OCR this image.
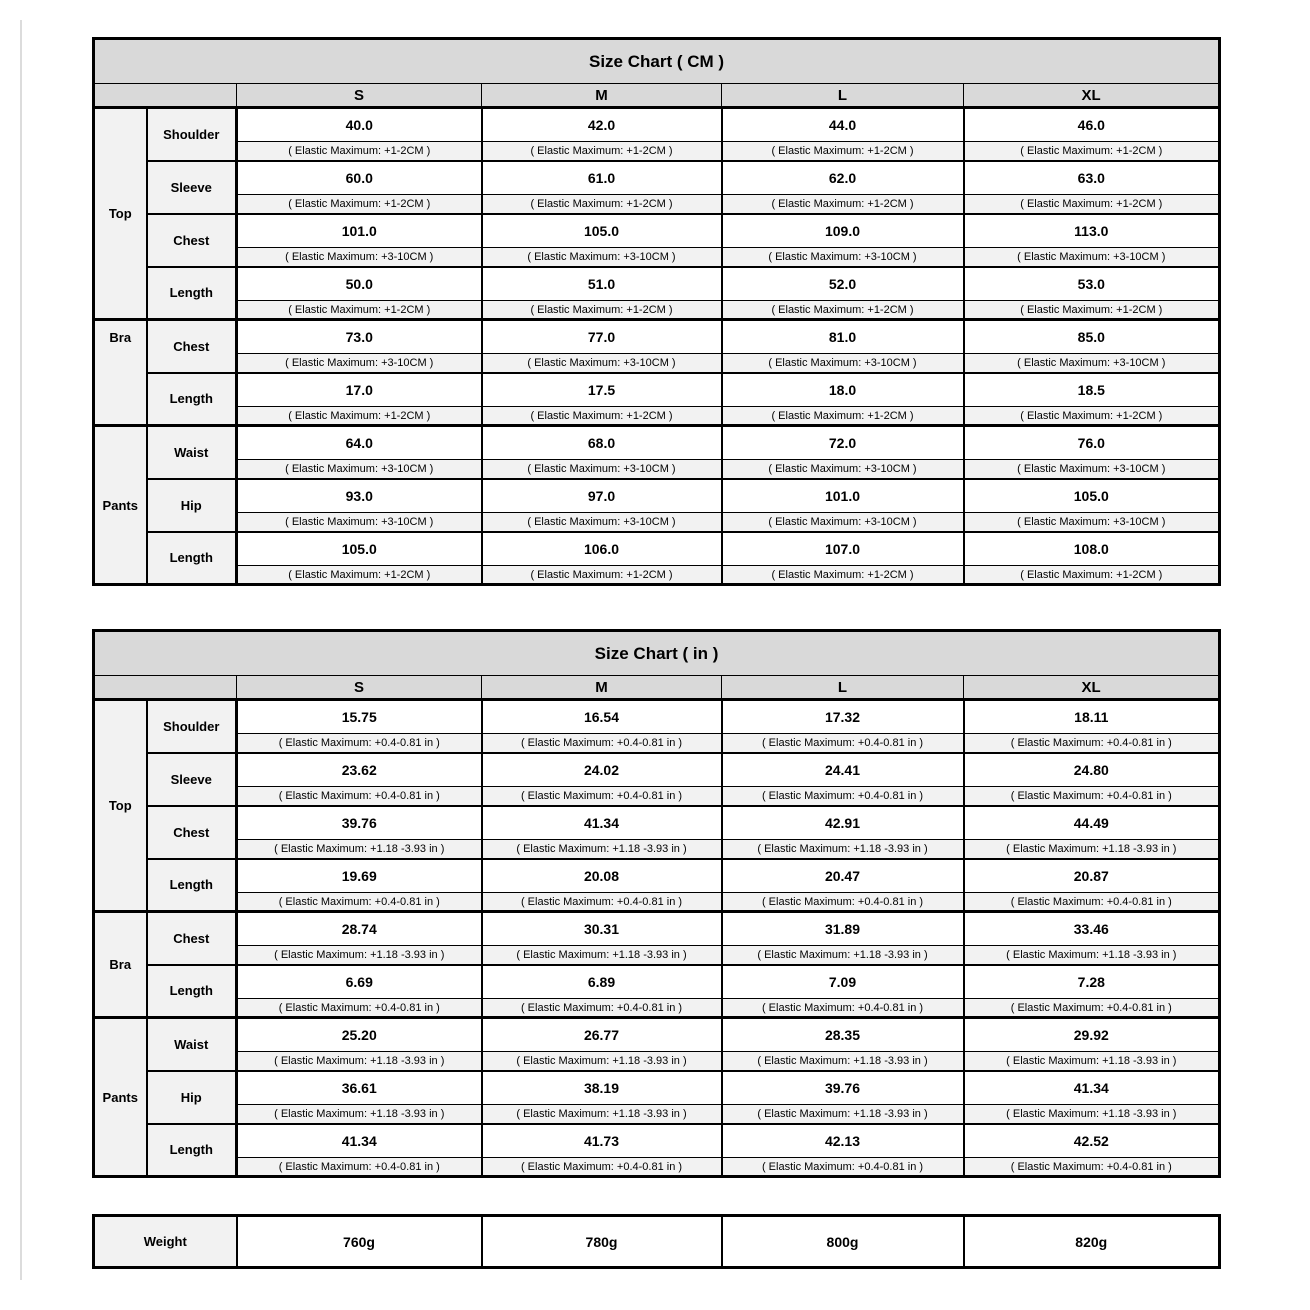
Size Chart ( CM )					
		S	M	L	XL
Top	Shoulder	40.0	42.0	44.0	46.0
		( Elastic Maximum: +1-2CM )	( Elastic Maximum: +1-2CM )	( Elastic Maximum: +1-2CM )	( Elastic Maximum: +1-2CM )
	Sleeve	60.0	61.0	62.0	63.0
		( Elastic Maximum: +1-2CM )	( Elastic Maximum: +1-2CM )	( Elastic Maximum: +1-2CM )	( Elastic Maximum: +1-2CM )
	Chest	101.0	105.0	109.0	113.0
		( Elastic Maximum: +3-10CM )	( Elastic Maximum: +3-10CM )	( Elastic Maximum: +3-10CM )	( Elastic Maximum: +3-10CM )
	Length	50.0	51.0	52.0	53.0
		( Elastic Maximum: +1-2CM )	( Elastic Maximum: +1-2CM )	( Elastic Maximum: +1-2CM )	( Elastic Maximum: +1-2CM )
Bra	Chest	73.0	77.0	81.0	85.0
		( Elastic Maximum: +3-10CM )	( Elastic Maximum: +3-10CM )	( Elastic Maximum: +3-10CM )	( Elastic Maximum: +3-10CM )
	Length	17.0	17.5	18.0	18.5
		( Elastic Maximum: +1-2CM )	( Elastic Maximum: +1-2CM )	( Elastic Maximum: +1-2CM )	( Elastic Maximum: +1-2CM )
Pants	Waist	64.0	68.0	72.0	76.0
		( Elastic Maximum: +3-10CM )	( Elastic Maximum: +3-10CM )	( Elastic Maximum: +3-10CM )	( Elastic Maximum: +3-10CM )
	Hip	93.0	97.0	101.0	105.0
		( Elastic Maximum: +3-10CM )	( Elastic Maximum: +3-10CM )	( Elastic Maximum: +3-10CM )	( Elastic Maximum: +3-10CM )
	Length	105.0	106.0	107.0	108.0
		( Elastic Maximum: +1-2CM )	( Elastic Maximum: +1-2CM )	( Elastic Maximum: +1-2CM )	( Elastic Maximum: +1-2CM )
Size Chart ( in )					
		S	M	L	XL
Top	Shoulder	15.75	16.54	17.32	18.11
		( Elastic Maximum: +0.4-0.81 in )	( Elastic Maximum: +0.4-0.81 in )	( Elastic Maximum: +0.4-0.81 in )	( Elastic Maximum: +0.4-0.81 in )
	Sleeve	23.62	24.02	24.41	24.80
		( Elastic Maximum: +0.4-0.81 in )	( Elastic Maximum: +0.4-0.81 in )	( Elastic Maximum: +0.4-0.81 in )	( Elastic Maximum: +0.4-0.81 in )
	Chest	39.76	41.34	42.91	44.49
		( Elastic Maximum: +1.18 -3.93 in )	( Elastic Maximum: +1.18 -3.93 in )	( Elastic Maximum: +1.18 -3.93 in )	( Elastic Maximum: +1.18 -3.93 in )
	Length	19.69	20.08	20.47	20.87
		( Elastic Maximum: +0.4-0.81 in )	( Elastic Maximum: +0.4-0.81 in )	( Elastic Maximum: +0.4-0.81 in )	( Elastic Maximum: +0.4-0.81 in )
Bra	Chest	28.74	30.31	31.89	33.46
		( Elastic Maximum: +1.18 -3.93 in )	( Elastic Maximum: +1.18 -3.93 in )	( Elastic Maximum: +1.18 -3.93 in )	( Elastic Maximum: +1.18 -3.93 in )
	Length	6.69	6.89	7.09	7.28
		( Elastic Maximum: +0.4-0.81 in )	( Elastic Maximum: +0.4-0.81 in )	( Elastic Maximum: +0.4-0.81 in )	( Elastic Maximum: +0.4-0.81 in )
Pants	Waist	25.20	26.77	28.35	29.92
		( Elastic Maximum: +1.18 -3.93 in )	( Elastic Maximum: +1.18 -3.93 in )	( Elastic Maximum: +1.18 -3.93 in )	( Elastic Maximum: +1.18 -3.93 in )
	Hip	36.61	38.19	39.76	41.34
		( Elastic Maximum: +1.18 -3.93 in )	( Elastic Maximum: +1.18 -3.93 in )	( Elastic Maximum: +1.18 -3.93 in )	( Elastic Maximum: +1.18 -3.93 in )
	Length	41.34	41.73	42.13	42.52
		( Elastic Maximum: +0.4-0.81 in )	( Elastic Maximum: +0.4-0.81 in )	( Elastic Maximum: +0.4-0.81 in )	( Elastic Maximum: +0.4-0.81 in )
Weight	760g	780g	800g	820g
